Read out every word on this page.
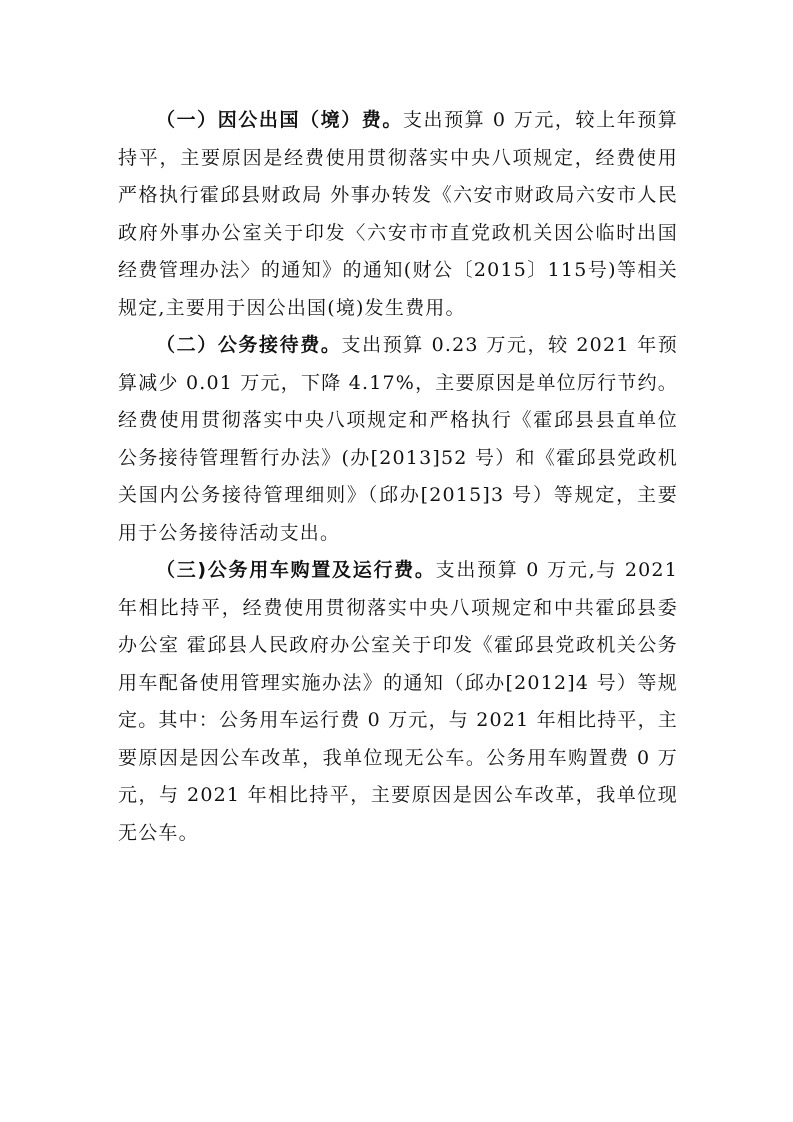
（一）因公出国（境）费。支出预算 0 万元，较上年预算持平，主要原因是经费使用贯彻落实中央八项规定，经费使用严格执行霍邱县财政局 外事办转发《六安市财政局六安市人民政府外事办公室关于印发〈六安市市直党政机关因公临时出国经费管理办法〉的通知》的通知(财公〔2015〕115号)等相关规定,主要用于因公出国(境)发生费用。

（二）公务接待费。支出预算 0.23 万元，较 2021 年预算减少 0.01 万元，下降 4.17%，主要原因是单位厉行节约。经费使用贯彻落实中央八项规定和严格执行《霍邱县县直单位公务接待管理暂行办法》(办[2013]52 号）和《霍邱县党政机关国内公务接待管理细则》（邱办[2015]3 号）等规定，主要用于公务接待活动支出。

（三)公务用车购置及运行费。支出预算 0 万元,与 2021 年相比持平，经费使用贯彻落实中央八项规定和中共霍邱县委办公室 霍邱县人民政府办公室关于印发《霍邱县党政机关公务用车配备使用管理实施办法》的通知（邱办[2012]4 号）等规定。其中：公务用车运行费 0 万元，与 2021 年相比持平，主要原因是因公车改革，我单位现无公车。公务用车购置费 0 万元，与 2021 年相比持平，主要原因是因公车改革，我单位现无公车。
